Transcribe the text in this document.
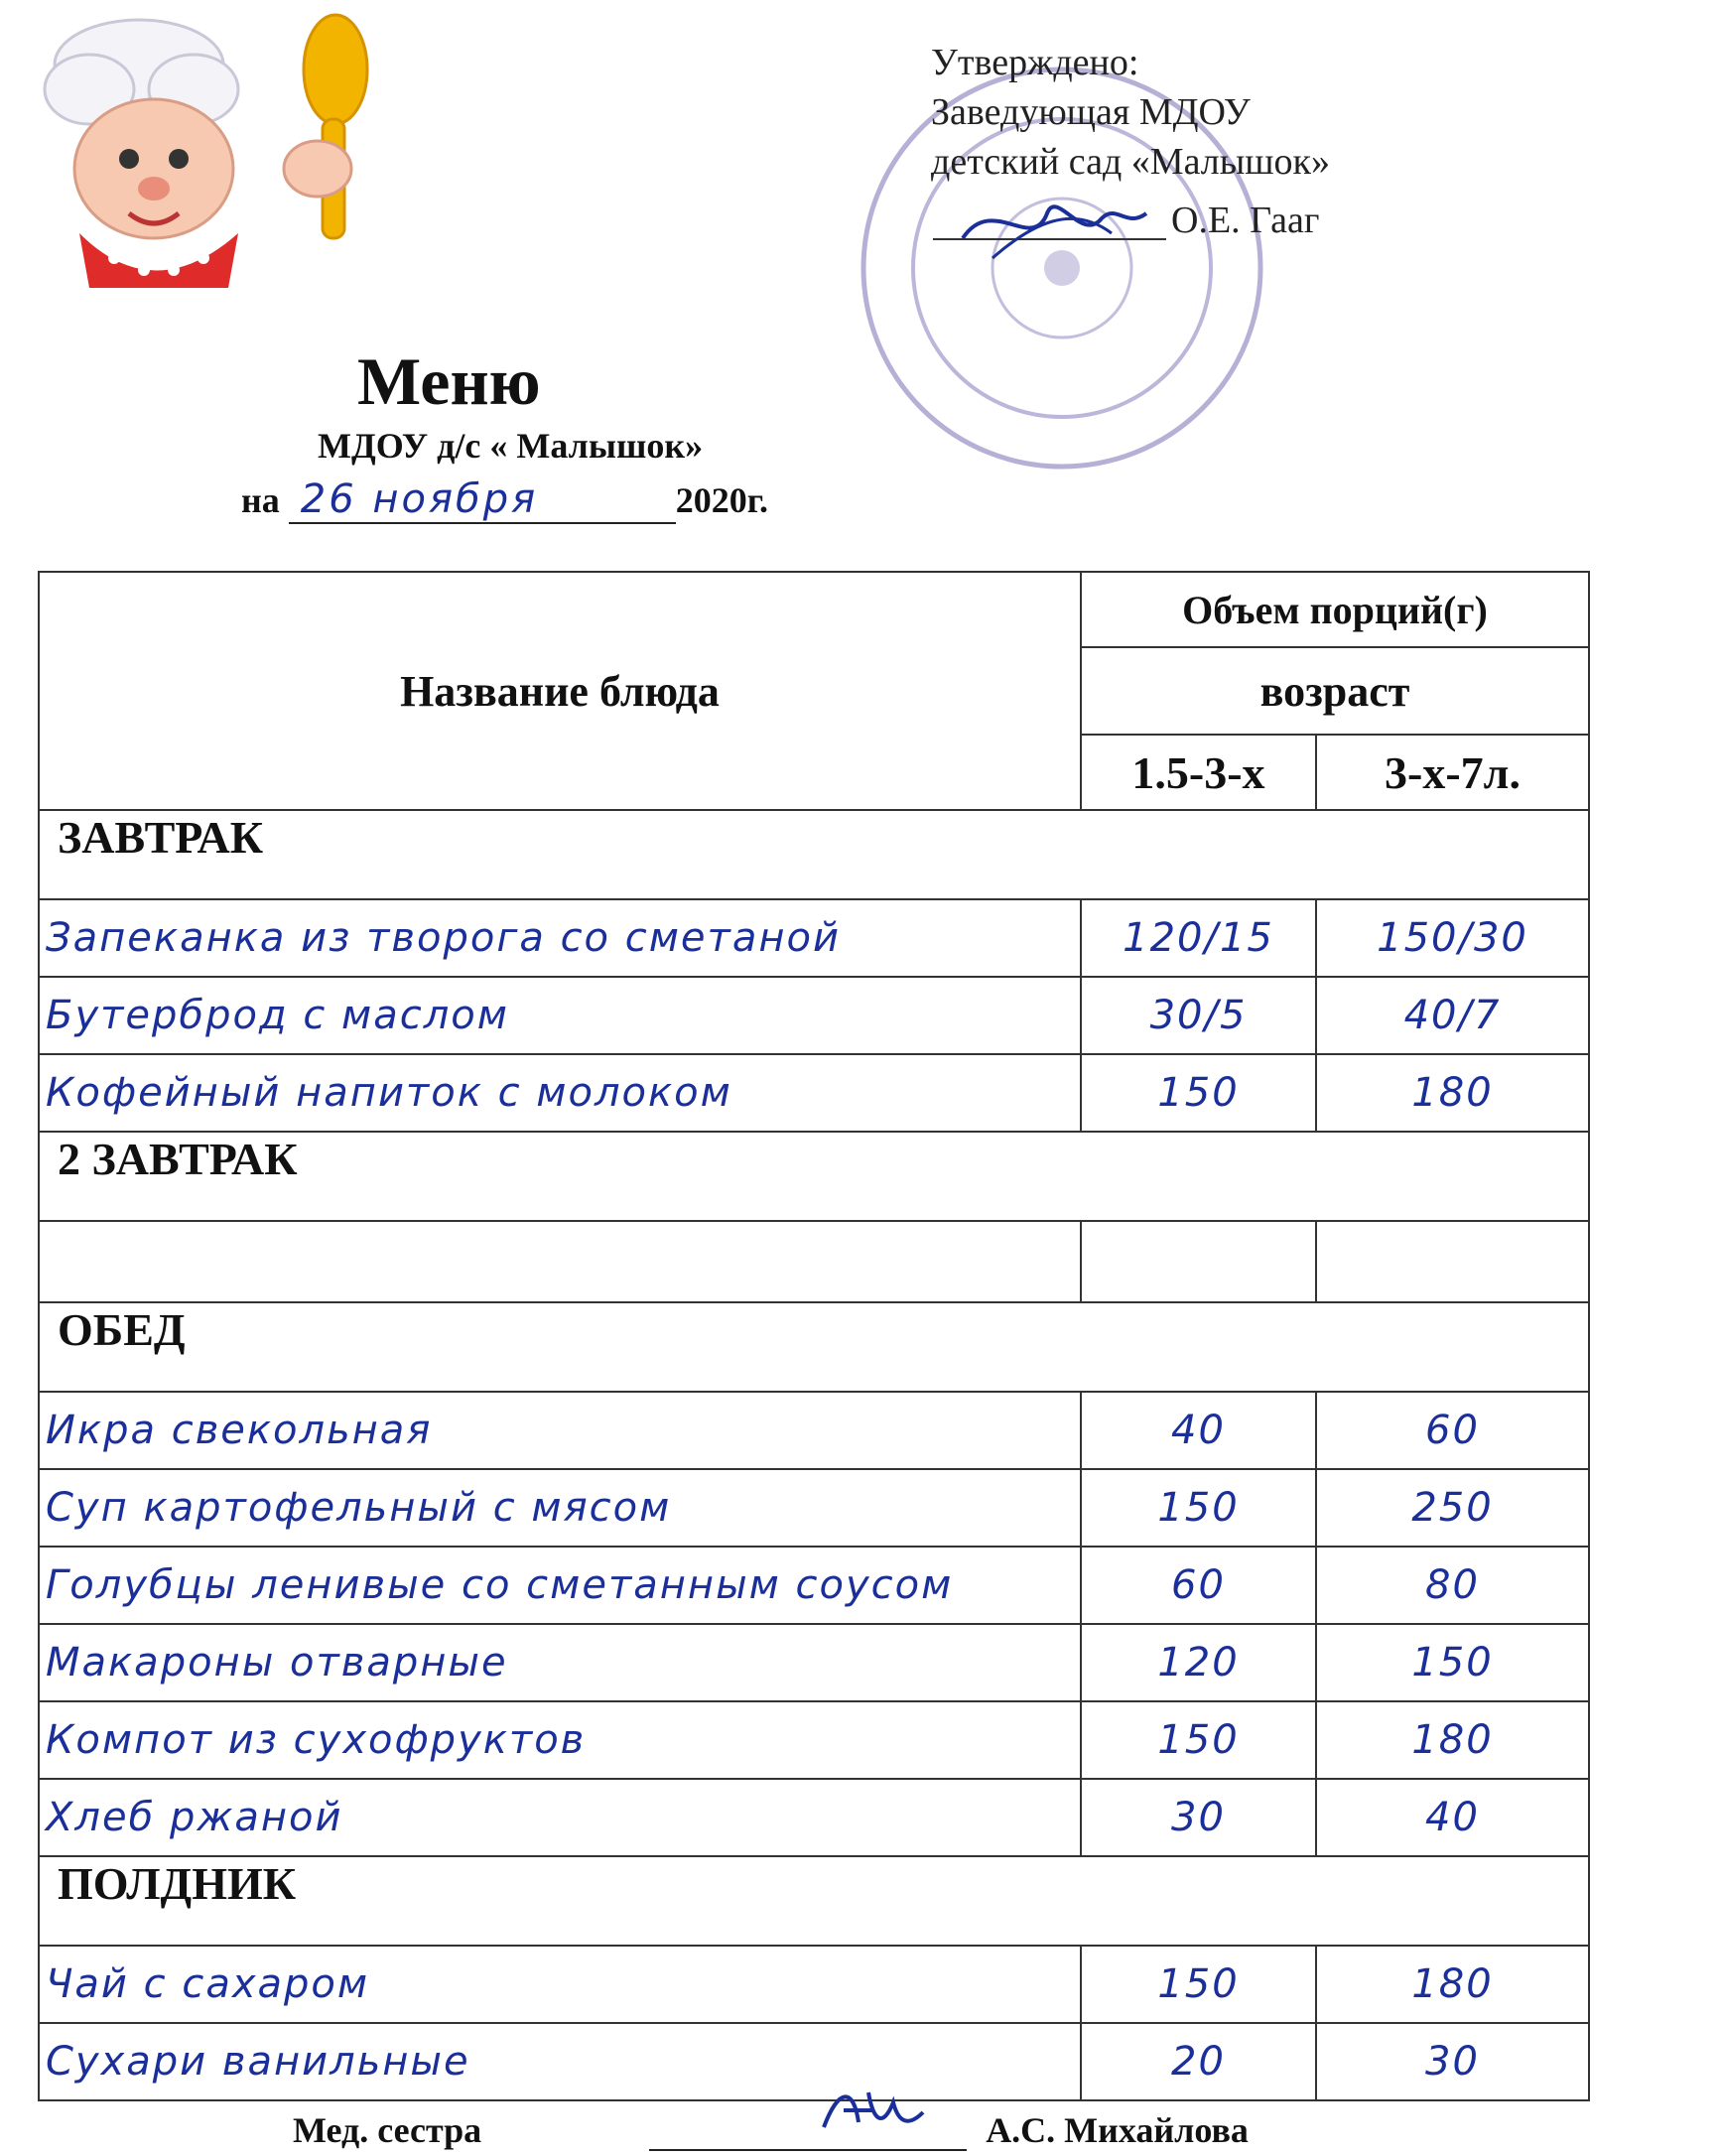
Утверждено:
Заведующая МДОУ
детский сад «Малышок»
О.Е. Гааг
Меню
МДОУ д/с « Малышок»
на 26 ноября	2020г.
Название блюда	Объем порций(г)	
	возраст	
	1.5-3-х	3-х-7л.
ЗАВТРАК		
Запеканка из творога со сметаной	120/15	150/30
Бутерброд с маслом	30/5	40/7
Кофейный напиток с молоком	150	180
2 ЗАВТРАК		

ОБЕД		
Икра свекольная	40	60
Суп картофельный с мясом	150	250
Голубцы ленивые со сметанным соусом	60	80
Макароны отварные	120	150
Компот из сухофруктов	150	180
Хлеб ржаной	30	40
ПОЛДНИК		
Чай с сахаром	150	180
Сухари ванильные	20	30
Мед. сестра	А.С. Михайлова
